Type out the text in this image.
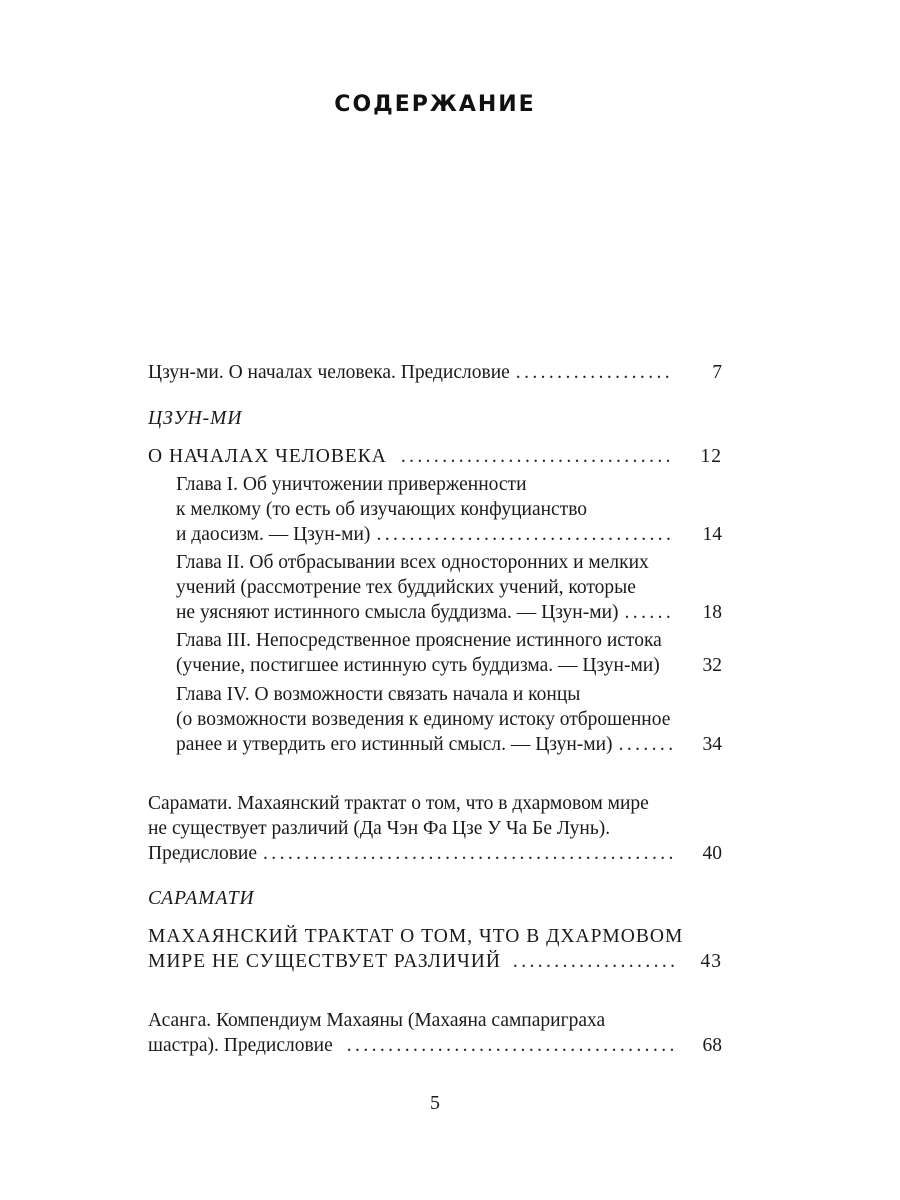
СОДЕРЖАНИЕ
Цзун-ми. О началах человека. Предисловие .....	7
ЦЗУН-МИ
О НАЧАЛАХ ЧЕЛОВЕКА .....	12
Глава I. Об уничтожении приверженности
к мелкому (то есть об изучающих конфуцианство
и даосизм. — Цзун-ми) .....	14
Глава II. Об отбрасывании всех односторонних и мелких
учений (рассмотрение тех буддийских учений, которые
не уясняют истинного смысла буддизма. — Цзун-ми) .....	18
Глава III. Непосредственное прояснение истинного истока
(учение, постигшее истинную суть буддизма. — Цзун-ми)	32
Глава IV. О возможности связать начала и концы
(о возможности возведения к единому истоку отброшенное
ранее и утвердить его истинный смысл. — Цзун-ми) .....	34
Сарамати. Махаянский трактат о том, что в дхармовом мире
не существует различий (Да Чэн Фа Цзе У Ча Бе Лунь).
Предисловие .....	40
САРАМАТИ
МАХАЯНСКИЙ ТРАКТАТ О ТОМ, ЧТО В ДХАРМОВОМ
МИРЕ НЕ СУЩЕСТВУЕТ РАЗЛИЧИЙ .....	43
Асанга. Компендиум Махаяны (Махаяна сампариграха
шастра). Предисловие .....	68
5
